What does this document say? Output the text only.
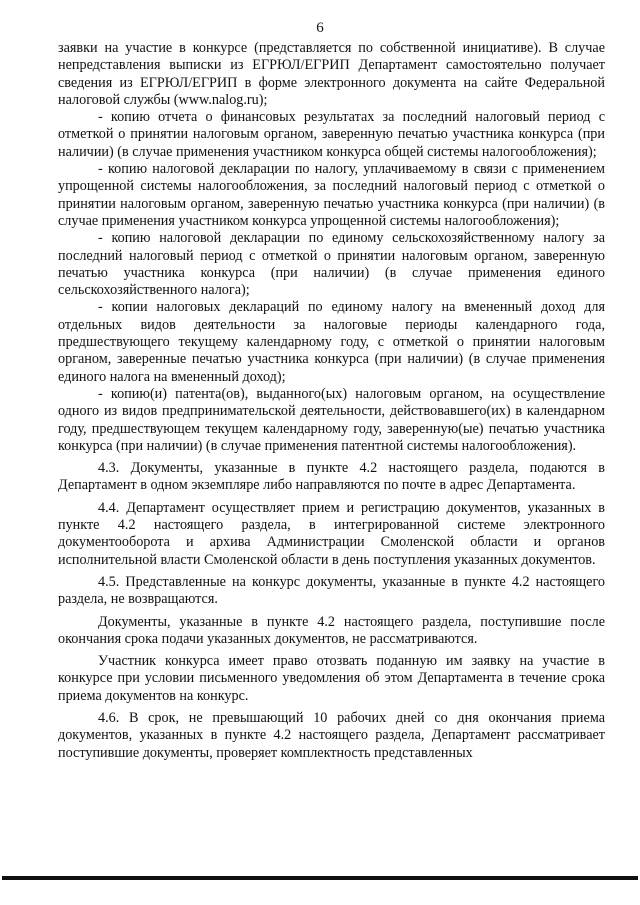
6

заявки на участие в конкурсе (представляется по собственной инициативе). В случае непредставления выписки из ЕГРЮЛ/ЕГРИП Департамент самостоятельно получает сведения из ЕГРЮЛ/ЕГРИП в форме электронного документа на сайте Федеральной налоговой службы (www.nalog.ru);

- копию отчета о финансовых результатах за последний налоговый период с отметкой о принятии налоговым органом, заверенную печатью участника конкурса (при наличии) (в случае применения участником конкурса общей системы налогообложения);

- копию налоговой декларации по налогу, уплачиваемому в связи с применением упрощенной системы налогообложения, за последний налоговый период с отметкой о принятии налоговым органом, заверенную печатью участника конкурса (при наличии) (в случае применения участником конкурса упрощенной системы налогообложения);

- копию налоговой декларации по единому сельскохозяйственному налогу за последний налоговый период с отметкой о принятии налоговым органом, заверенную печатью участника конкурса (при наличии) (в случае применения единого сельскохозяйственного налога);

- копии налоговых деклараций по единому налогу на вмененный доход для отдельных видов деятельности за налоговые периоды календарного года, предшествующего текущему календарному году, с отметкой о принятии налоговым органом, заверенные печатью участника конкурса (при наличии) (в случае применения единого налога на вмененный доход);

- копию(и) патента(ов), выданного(ых) налоговым органом, на осуществление одного из видов предпринимательской деятельности, действовавшего(их) в календарном году, предшествующем текущем календарному году, заверенную(ые) печатью участника конкурса (при наличии) (в случае применения патентной системы налогообложения).

4.3. Документы, указанные в пункте 4.2 настоящего раздела, подаются в Департамент в одном экземпляре либо направляются по почте в адрес Департамента.

4.4. Департамент осуществляет прием и регистрацию документов, указанных в пункте 4.2 настоящего раздела, в интегрированной системе электронного документооборота и архива Администрации Смоленской области и органов исполнительной власти Смоленской области в день поступления указанных документов.

4.5. Представленные на конкурс документы, указанные в пункте 4.2 настоящего раздела, не возвращаются.

Документы, указанные в пункте 4.2 настоящего раздела, поступившие после окончания срока подачи указанных документов, не рассматриваются.

Участник конкурса имеет право отозвать поданную им заявку на участие в конкурсе при условии письменного уведомления об этом Департамента в течение срока приема документов на конкурс.

4.6. В срок, не превышающий 10 рабочих дней со дня окончания приема документов, указанных в пункте 4.2 настоящего раздела, Департамент рассматривает поступившие документы, проверяет комплектность представленных
